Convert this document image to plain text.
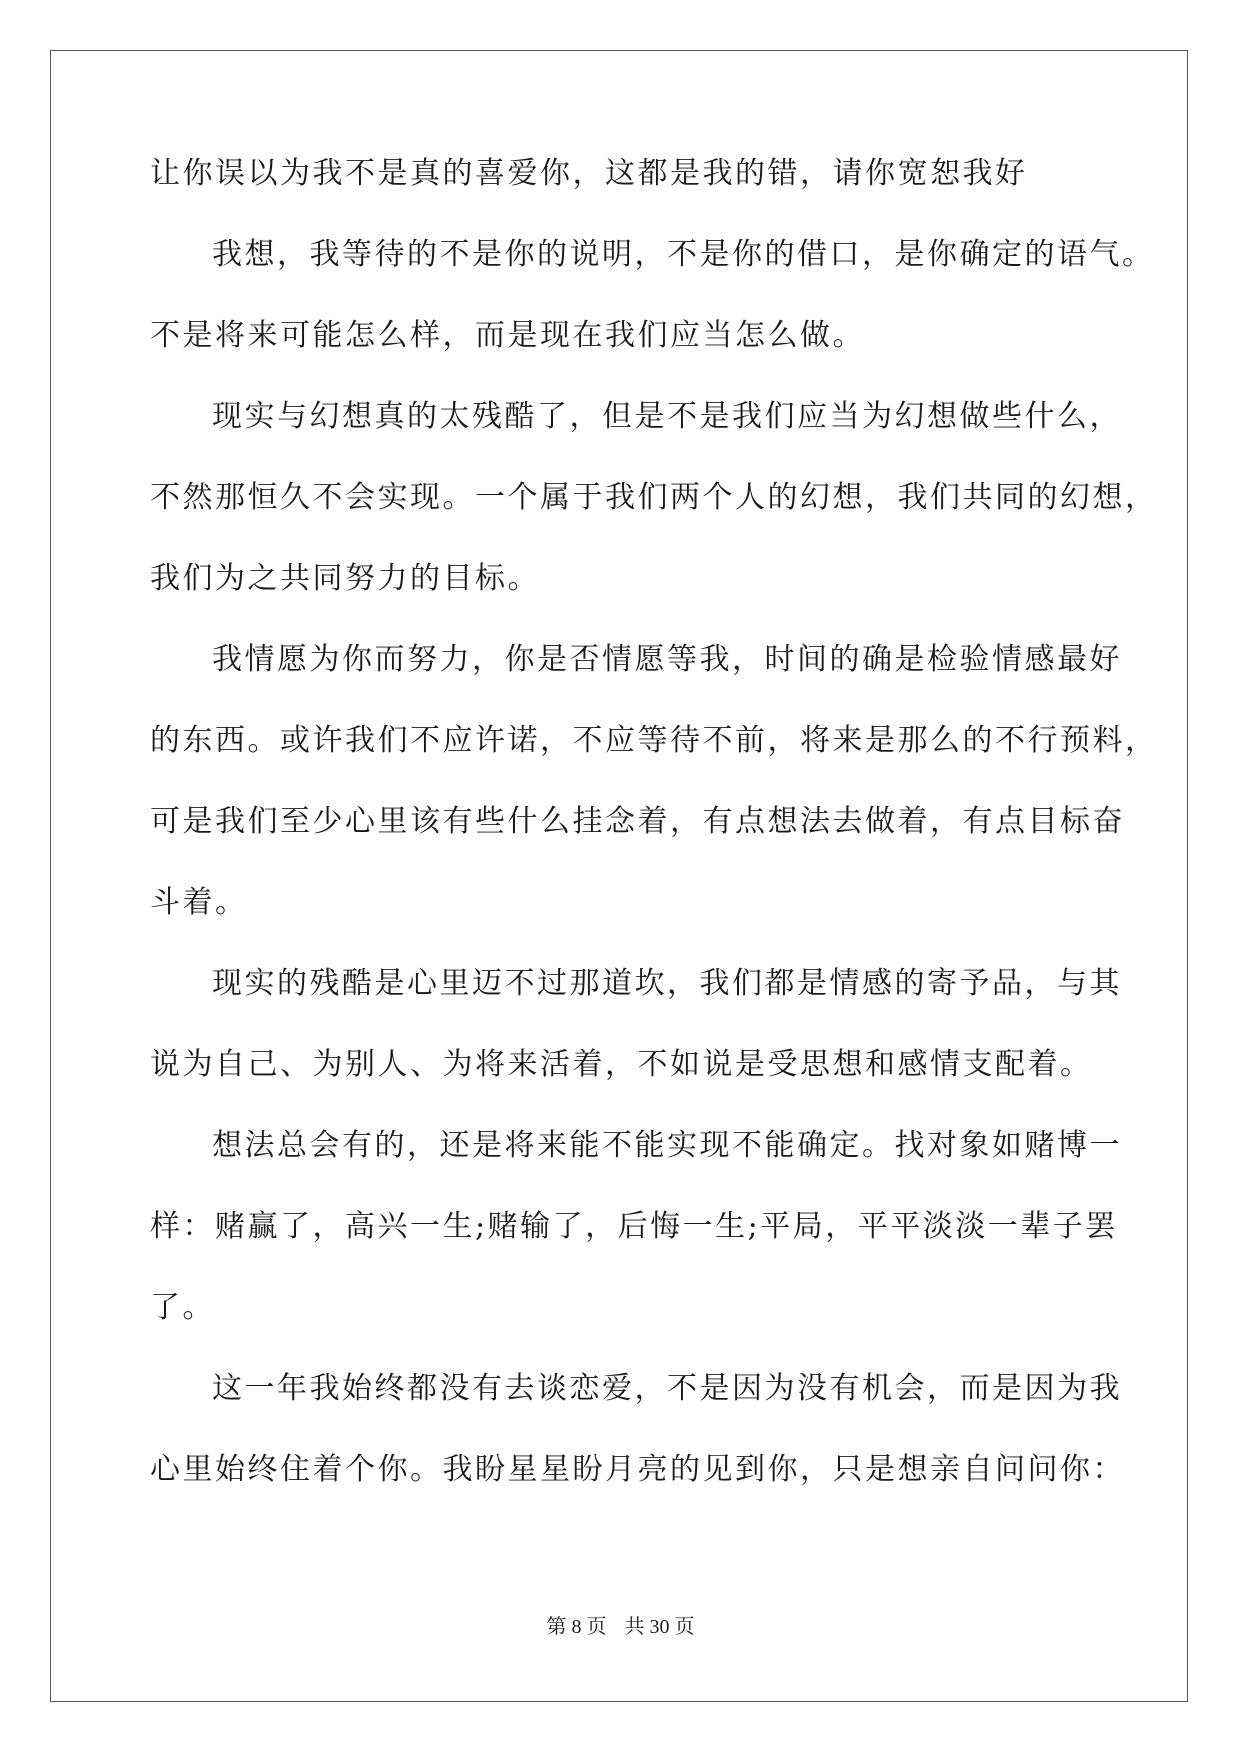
让你误以为我不是真的喜爱你，这都是我的错，请你宽恕我好
我想，我等待的不是你的说明，不是你的借口，是你确定的语气。
不是将来可能怎么样，而是现在我们应当怎么做。
现实与幻想真的太残酷了，但是不是我们应当为幻想做些什么，
不然那恒久不会实现。一个属于我们两个人的幻想，我们共同的幻想，
我们为之共同努力的目标。
我情愿为你而努力，你是否情愿等我，时间的确是检验情感最好
的东西。或许我们不应许诺，不应等待不前，将来是那么的不行预料，
可是我们至少心里该有些什么挂念着，有点想法去做着，有点目标奋
斗着。
现实的残酷是心里迈不过那道坎，我们都是情感的寄予品，与其
说为自己、为别人、为将来活着，不如说是受思想和感情支配着。
想法总会有的，还是将来能不能实现不能确定。找对象如赌博一
样：赌赢了，高兴一生;赌输了，后悔一生;平局，平平淡淡一辈子罢
了。
这一年我始终都没有去谈恋爱，不是因为没有机会，而是因为我
心里始终住着个你。我盼星星盼月亮的见到你，只是想亲自问问你：
第 8 页 共 30 页
